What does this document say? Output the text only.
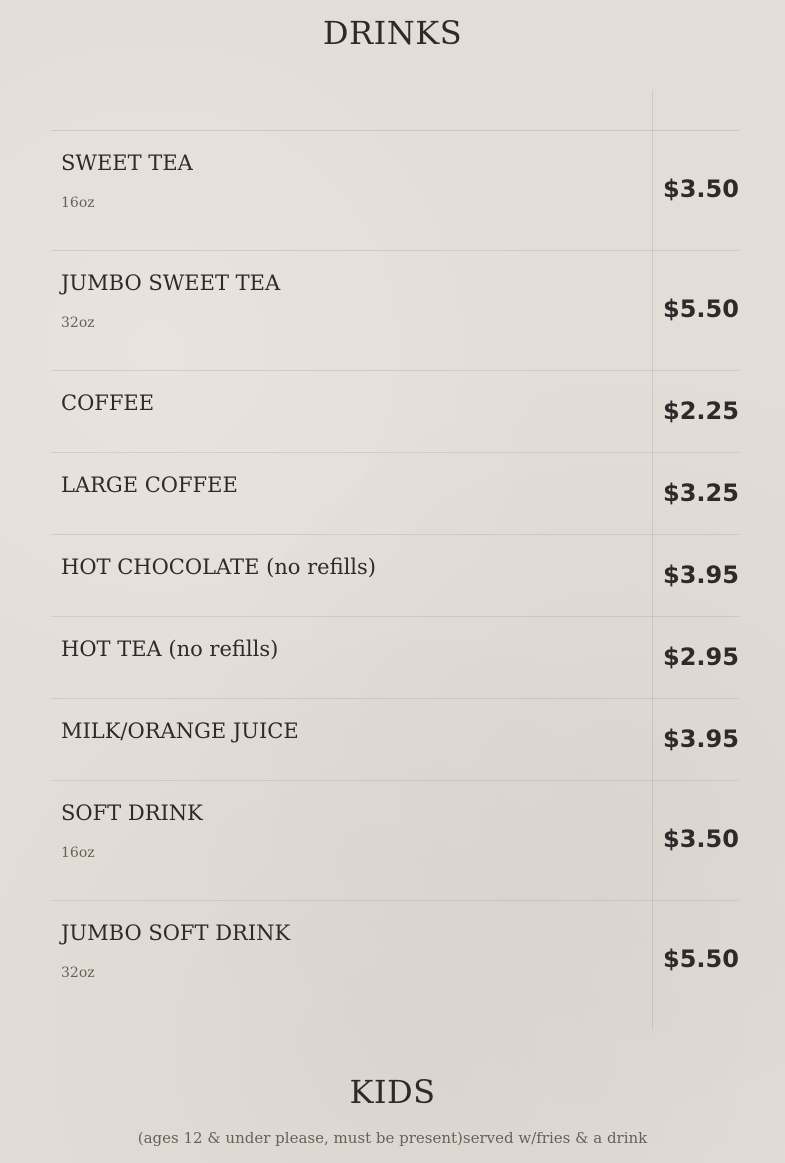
DRINKS
SWEET TEA
16oz	$3.50
JUMBO SWEET TEA
32oz	$5.50
COFFEE	$2.25
LARGE COFFEE	$3.25
HOT CHOCOLATE (no refills)	$3.95
HOT TEA (no refills)	$2.95
MILK/ORANGE JUICE	$3.95
SOFT DRINK
16oz	$3.50
JUMBO SOFT DRINK
32oz	$5.50
KIDS
(ages 12 & under please, must be present)served w/fries & a drink
